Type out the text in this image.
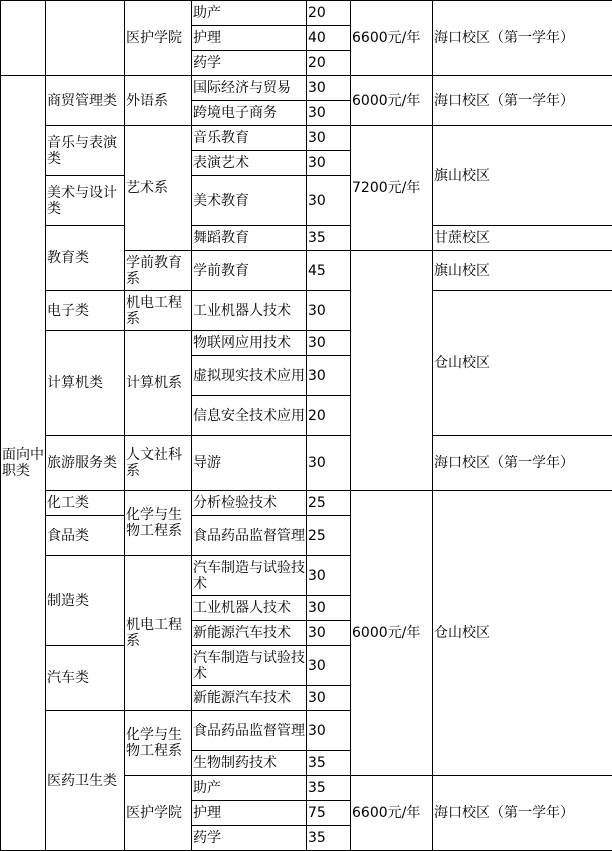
		医护学院	助产	20	6600元/年	海口校区（第一学年）
			护理	40		
			药学	20		
面向中职类	商贸管理类	外语系	国际经济与贸易	30	6000元/年	海口校区（第一学年）
			跨境电子商务	30		
	音乐与表演类	艺术系	音乐教育	30	7200元/年	旗山校区
			表演艺术	30		
	美术与设计类		美术教育	30		
	教育类		舞蹈教育	35		甘蔗校区
		学前教育系	学前教育	45		旗山校区
	电子类	机电工程系	工业机器人技术	30		仓山校区
	计算机类	计算机系	物联网应用技术	30		
			虚拟现实技术应用	30		
			信息安全技术应用	20		
	旅游服务类	人文社科系	导游	30		海口校区（第一学年）
	化工类	化学与生物工程系	分析检验技术	25	6000元/年	仓山校区
	食品类		食品药品监督管理	25		
	制造类	机电工程系	汽车制造与试验技术	30		
			工业机器人技术	30		
			新能源汽车技术	30		
	汽车类		汽车制造与试验技术	30		
			新能源汽车技术	30		
	医药卫生类	化学与生物工程系	食品药品监督管理	30		
			生物制药技术	35		
		医护学院	助产	35	6600元/年	海口校区（第一学年）
			护理	75		
			药学	35		
